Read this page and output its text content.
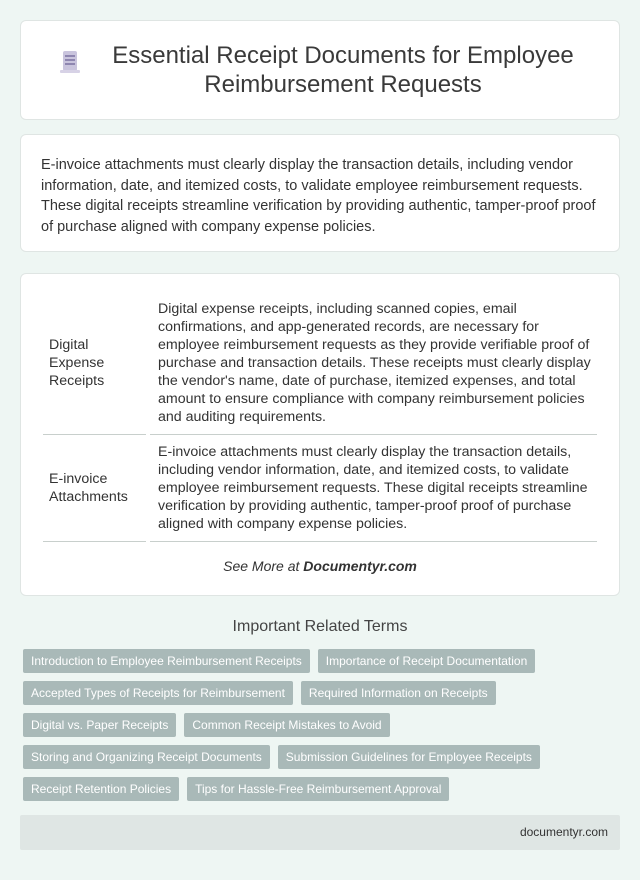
Essential Receipt Documents for Employee Reimbursement Requests

E-invoice attachments must clearly display the transaction details, including vendor information, date, and itemized costs, to validate employee reimbursement requests. These digital receipts streamline verification by providing authentic, tamper-proof proof of purchase aligned with company expense policies.

Digital Expense Receipts		Digital expense receipts, including scanned copies, email confirmations, and app-generated records, are necessary for employee reimbursement requests as they provide verifiable proof of purchase and transaction details. These receipts must clearly display the vendor's name, date of purchase, itemized expenses, and total amount to ensure compliance with company reimbursement policies and auditing requirements.
E-invoice Attachments		E-invoice attachments must clearly display the transaction details, including vendor information, date, and itemized costs, to validate employee reimbursement requests. These digital receipts streamline verification by providing authentic, tamper-proof proof of purchase aligned with company expense policies.
See More at Documentyr.com
Important Related Terms
Introduction to Employee Reimbursement Receipts	Importance of Receipt Documentation
Accepted Types of Receipts for Reimbursement	Required Information on Receipts
Digital vs. Paper Receipts	Common Receipt Mistakes to Avoid
Storing and Organizing Receipt Documents	Submission Guidelines for Employee Receipts
Receipt Retention Policies	Tips for Hassle-Free Reimbursement Approval
documentyr.com
